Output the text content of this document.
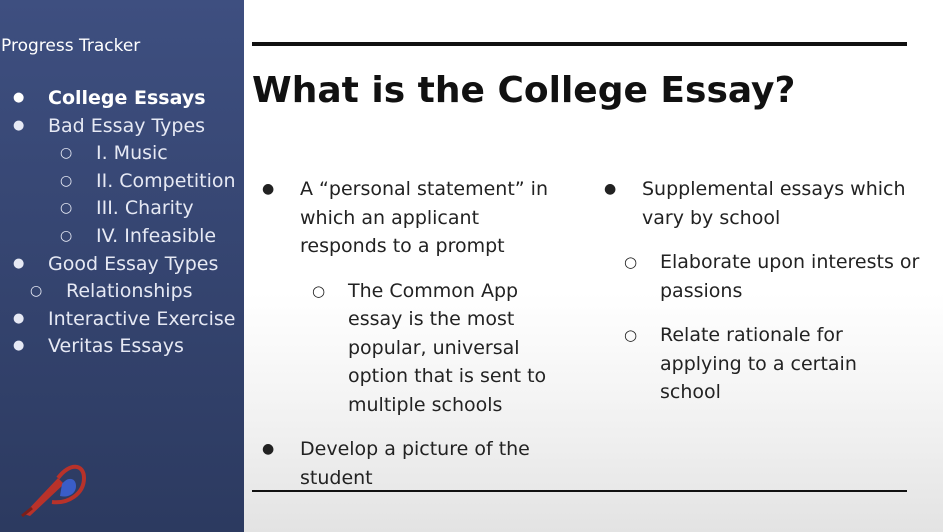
Progress Tracker
● College Essays
● Bad Essay Types
○ I. Music
○ II. Competition
○ III. Charity
○ IV. Infeasible
● Good Essay Types
○ Relationships
● Interactive Exercise
● Veritas Essays
What is the College Essay?
● A “personal statement” in which an applicant responds to a prompt
○ The Common App essay is the most popular, universal option that is sent to multiple schools
● Develop a picture of the student
● Supplemental essays which vary by school
○ Elaborate upon interests or passions
○ Relate rationale for applying to a certain school
